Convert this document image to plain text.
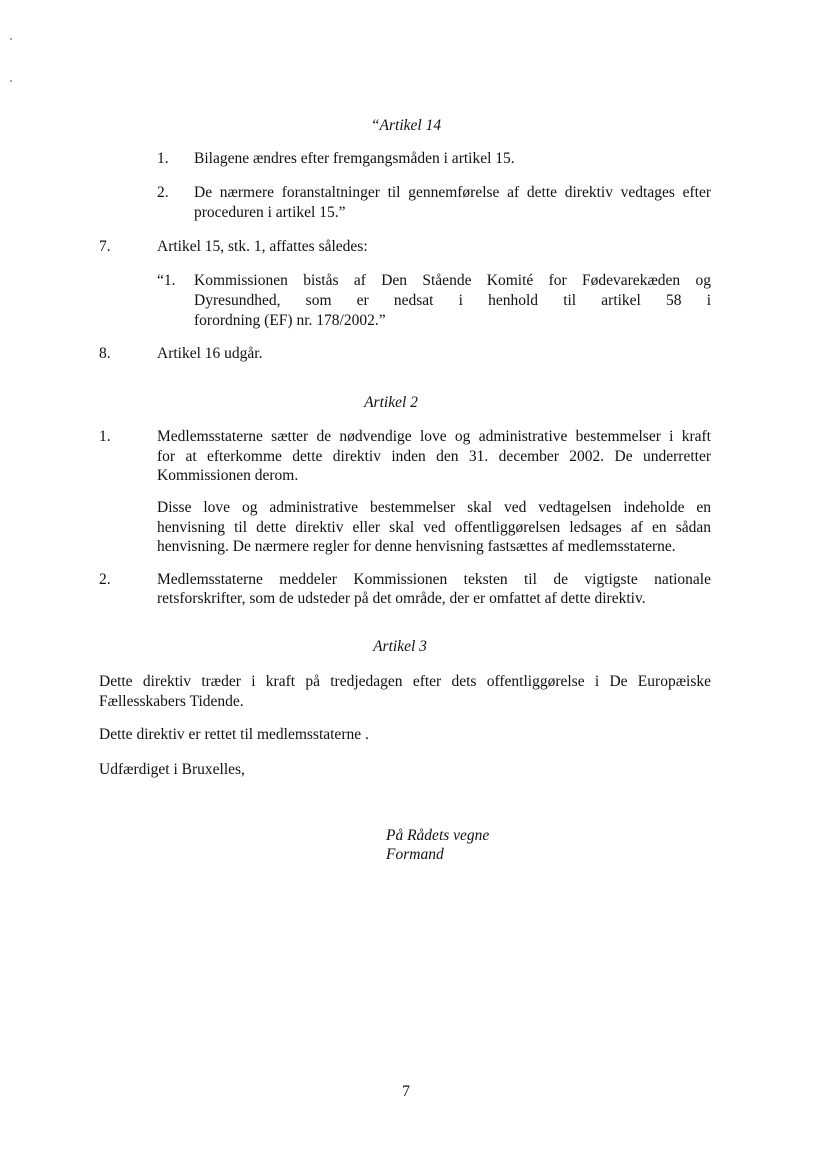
“Artikel 14
1. Bilagene ændres efter fremgangsmåden i artikel 15.
2. De nærmere foranstaltninger til gennemførelse af dette direktiv vedtages efter
proceduren i artikel 15.”
7.	Artikel 15, stk. 1, affattes således:
“1. Kommissionen bistås af Den Stående Komité for Fødevarekæden og
Dyresundhed, som er nedsat i henhold til artikel 58 i
forordning (EF) nr. 178/2002.”
8.	Artikel 16 udgår.
Artikel 2
1.	Medlemsstaterne sætter de nødvendige love og administrative bestemmelser i kraft
for at efterkomme dette direktiv inden den 31. december 2002. De underretter
Kommissionen derom.
Disse love og administrative bestemmelser skal ved vedtagelsen indeholde en
henvisning til dette direktiv eller skal ved offentliggørelsen ledsages af en sådan
henvisning. De nærmere regler for denne henvisning fastsættes af medlemsstaterne.
2.	Medlemsstaterne meddeler Kommissionen teksten til de vigtigste nationale
retsforskrifter, som de udsteder på det område, der er omfattet af dette direktiv.
Artikel 3
Dette direktiv træder i kraft på tredjedagen efter dets offentliggørelse i De Europæiske
Fællesskabers Tidende.
Dette direktiv er rettet til medlemsstaterne .
Udfærdiget i Bruxelles,
På Rådets vegne
Formand
7
